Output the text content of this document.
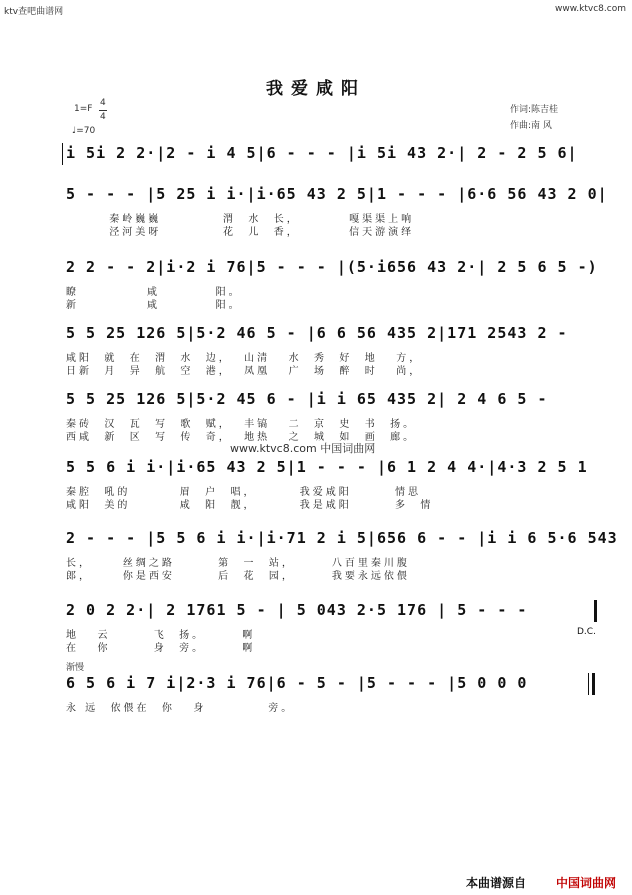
ktv查吧曲谱网	www.ktvc8.com
我爱咸阳
1=F
4
4
♩=70
作词:陈吉桂
作曲:南 风
i 5i 2 2·|2 - i 4 5|6 - - - |i 5i 43 2·| 2 - 2 5 6|
5 - - - |5 25 i i·|i·65 43 2 5|1 - - - |6·6 56 43 2 0|
秦岭巍巍          渭  水  长，        嘎渠渠上响
泾河美呀          花  儿  香，        信天游演绎
2 2 - - 2|i·2 i 76|5 - - - |(5·i656 43 2·| 2 5 6 5 -)
瞭           咸         阳。
新           咸         阳。
5 5 25 126 5|5·2 46 5 - |6 6 56 435 2|171 2543 2 -
咸阳  就  在  渭  水  边，  山清   水  秀  好  地   方，
日新  月  异  航  空  港，  凤凰   广  场  醉  时   尚，
5 5 25 126 5|5·2 45 6 - |i i 65 435 2| 2 4 6 5 -
秦砖  汉  瓦  写  歌  赋，  丰镐   二  京  史  书  扬。
西咸  新  区  写  传  奇，  地热   之  城  如  画  廊。
www.ktvc8.com 中国词曲网
5 5 6 i i·|i·65 43 2 5|1 - - - |6 1 2 4 4·|4·3 2 5 1
秦腔  吼的        眉  户  唱，       我爱咸阳       情思
咸阳  美的        咸  阳  靓，       我是咸阳       多  情
2 - - - |5 5 6 i i·|i·71 2 i 5|656 6 - - |i i 6 5·6 543
长，     丝绸之路       第  一  站，      八百里秦川腹
郎，     你是西安       后  花  园，      我要永远依偎
2 0 2 2·| 2 1761 5 - | 5 043 2·5 176 | 5 - - -
地   云       飞  扬。      啊
在   你       身  旁。      啊
D.C.
渐慢
6 5 6 i 7 i|2·3 i 76|6 - 5 - |5 - - - |5 0 0 0
永 远  依偎在  你   身          旁。
本曲谱源自 中国词曲网
